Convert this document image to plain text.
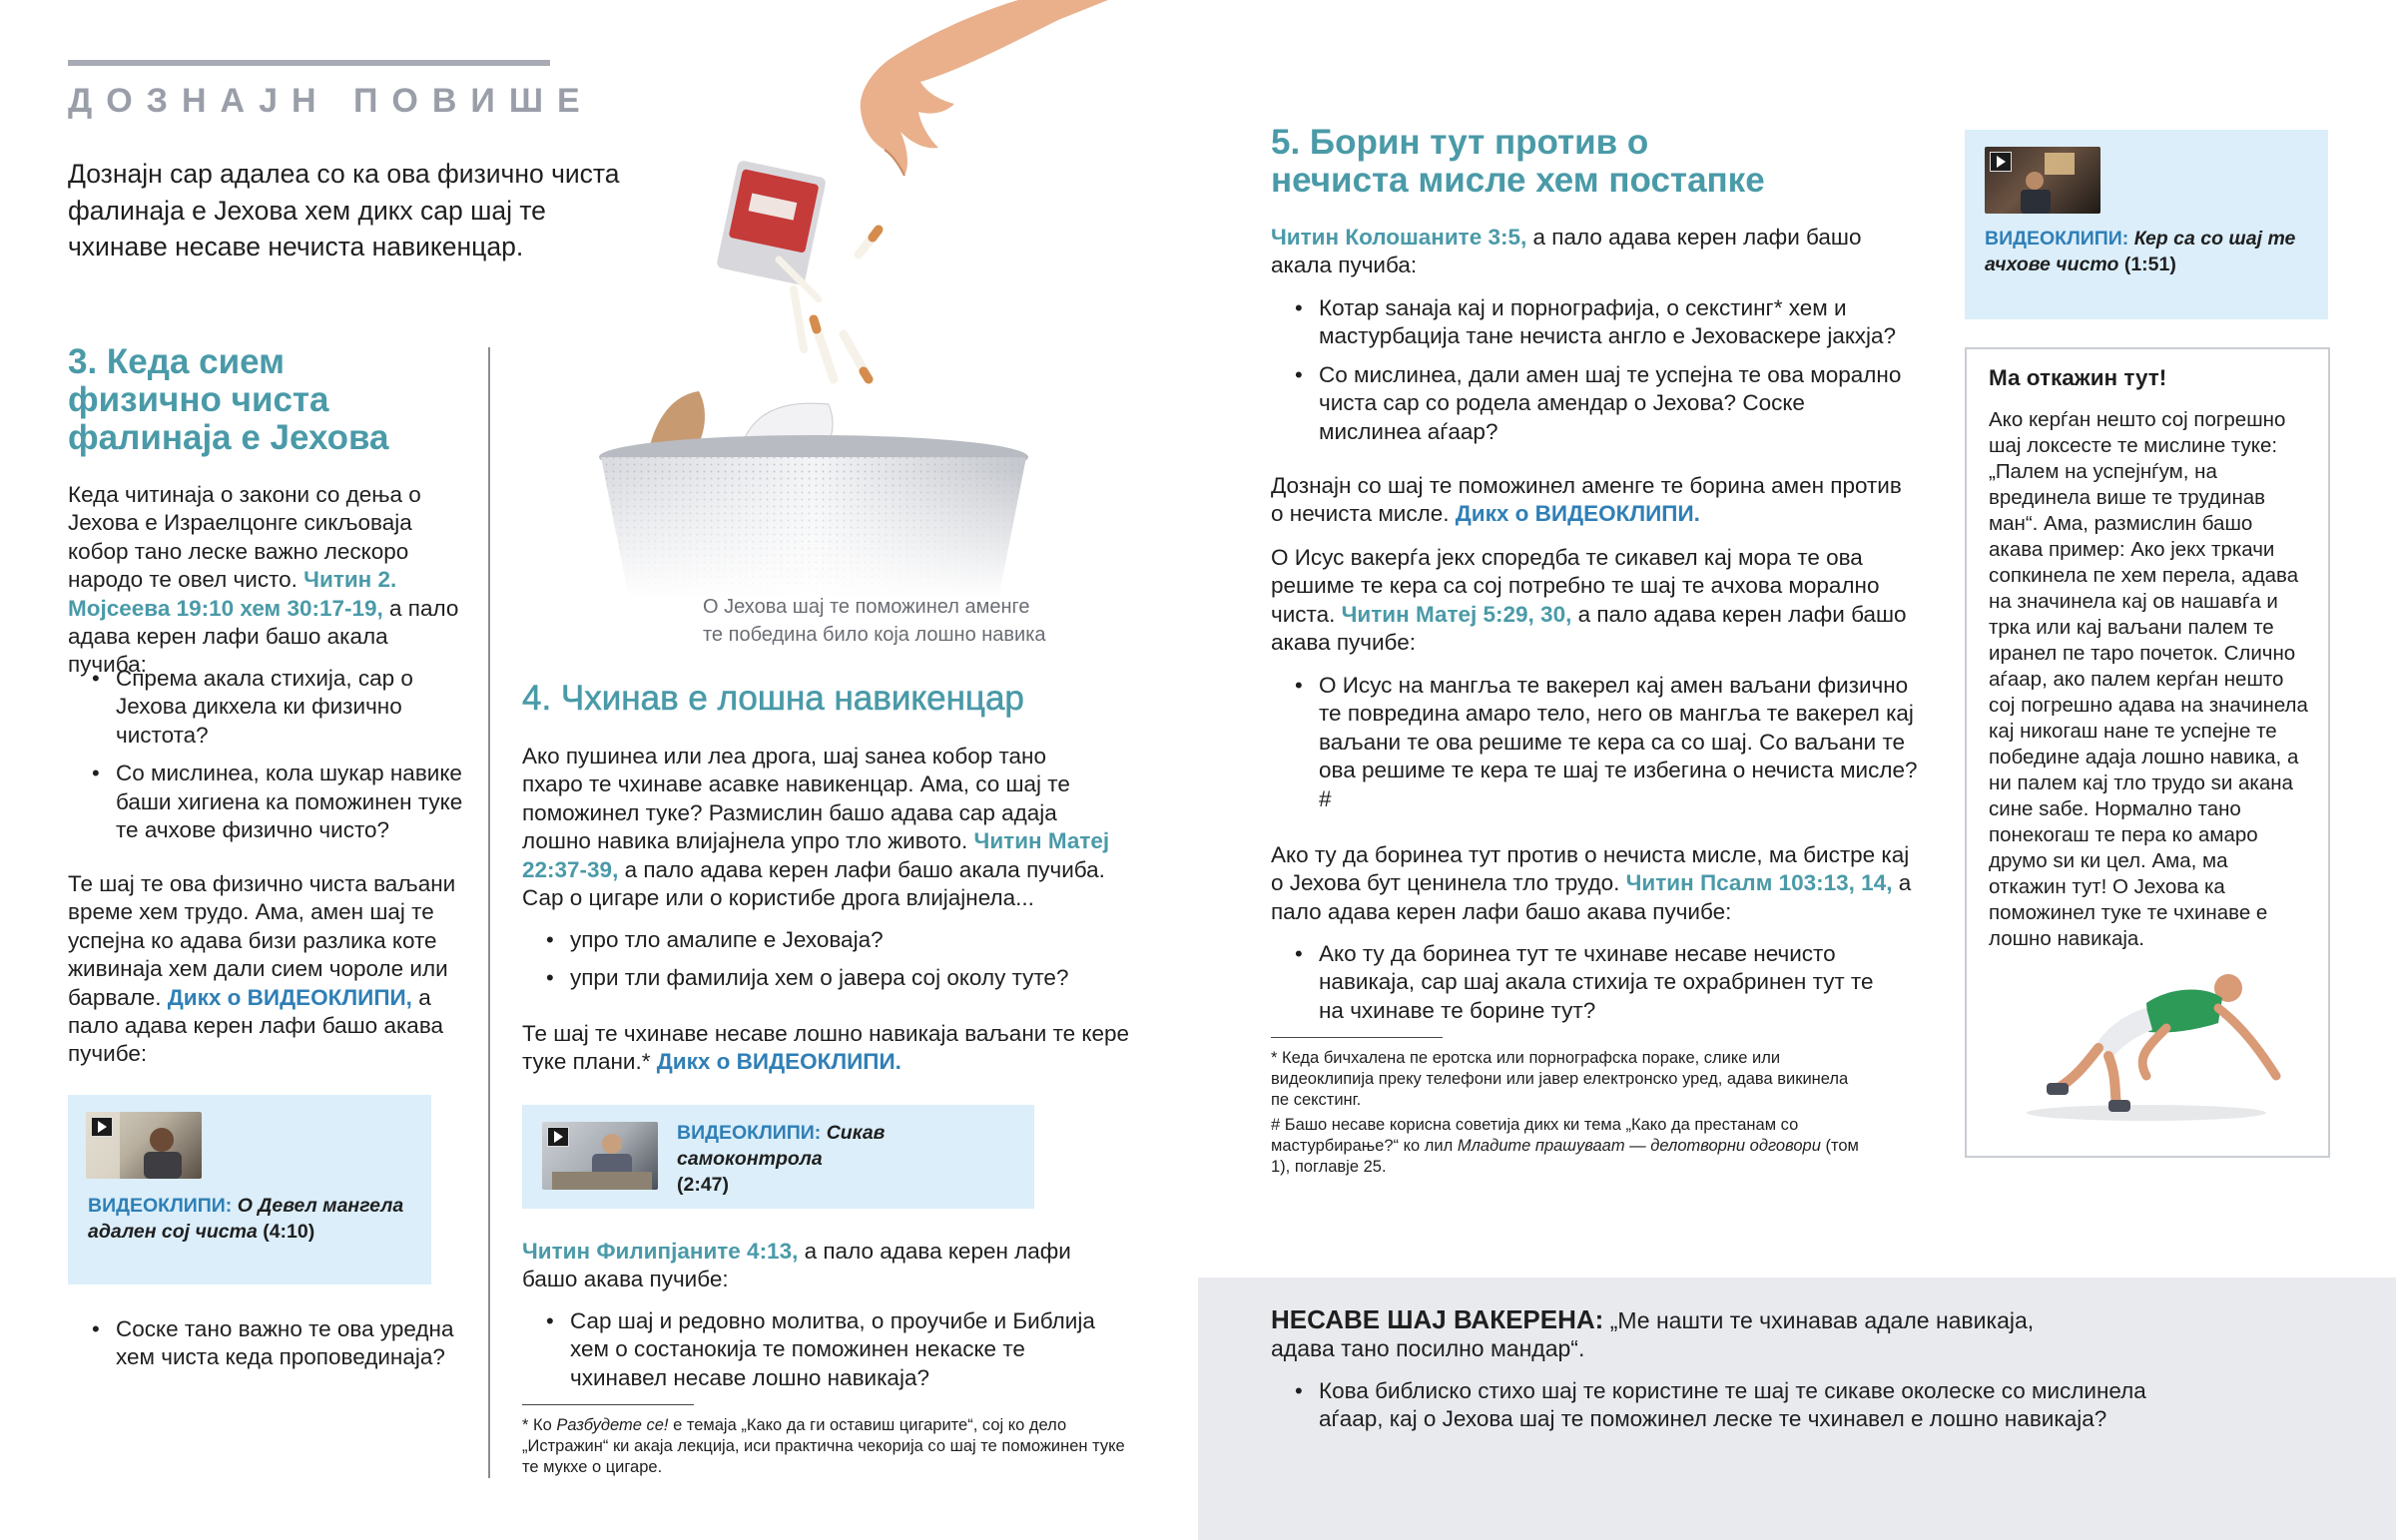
ДОЗНАЈН ПОВИШЕ

Дознајн сар адалеа со ка ова физично чиста фалинаја е Јехова хем дикх сар шај те чхинаве несаве нечиста навикенцар.

3. Кеда сием физично чиста фалинаја е Јехова

Кеда читинаја о закони со дења о Јехова е Израелцонге сикљоваја кобор тано леске важно лескоро народо те овел чисто. Читин 2. Мојсеева 19:10 хем 30:17-19, а пало адава керен лафи башо акала пучиба:

• Спрема акала стихија, сар о Јехова дикхела ки физично чистота?
• Со мислинеа, кола шукар навике баши хигиена ка поможинен туке те ачхове физично чисто?

Те шај те ова физично чиста ваљани време хем трудо. Ама, амен шај те успејна ко адава бизи разлика коте живинаја хем дали сием чороле или барвале. Дикх о ВИДЕОКЛИПИ, а пало адава керен лафи башо акава пучибе:

ВИДЕОКЛИПИ: О Девел мангела адален сој чиста (4:10)
• Соске тано важно те ова уредна хем чиста кеда проповединаја?
О Јехова шај те поможинел аменге те победина било која лошно навика
4. Чхинав е лошна навикенцар

Ако пушинеа или леа дрога, шај ѕанеа кобор тано пхаро те чхинаве асавке навикенцар. Ама, со шај те поможинел туке? Размислин башо адава сар адаја лошно навика влијајнела упро тло живото. Читин Матеј 22:37-39, а пало адава керен лафи башо акала пучиба. Сар о цигаре или о користибе дрога влијајнела...

• упро тло амалипе е Јеховаја?
• упри тли фамилија хем о јавера сој околу туте?

Те шај те чхинаве несаве лошно навикаја ваљани те кере туке плани.* Дикх о ВИДЕОКЛИПИ.

ВИДЕОКЛИПИ: Сикав самоконтрола
(2:47)

Читин Филипјаните 4:13, а пало адава керен лафи башо акава пучибе:

• Сар шај и редовно молитва, о проучибе и Библија хем о состанокија те поможинен некаске те чхинавел несаве лошно навикаја?

* Ко Разбудете се! е темаја „Како да ги оставиш цигарите“, сој ко дело „Истражин“ ки акаја лекција, иси практична чекорија со шај те поможинен туке те мукхе о цигаре.

5. Борин тут против о нечиста мисле хем постапке

Читин Колошаните 3:5, а пало адава керен лафи башо акала пучиба:

• Котар ѕанаја кај и порнографија, о секстинг* хем и мастурбација тане нечиста англо е Јеховаскере јакхја?
• Со мислинеа, дали амен шај те успејна те ова морално чиста сар со родела амендар о Јехова? Соске мислинеа аѓаар?

Дознајн со шај те поможинел аменге те борина амен против о нечиста мисле. Дикх о ВИДЕОКЛИПИ.

О Исус вакерѓа јекх споредба те сикавел кај мора те ова решиме те кера са сој потребно те шај те ачхова морално чиста. Читин Матеј 5:29, 30, а пало адава керен лафи башо акава пучибе:

• О Исус на мангља те вакерел кај амен ваљани физично те повредина амаро тело, него ов мангља те вакерел кај ваљани те ова решиме те кера са со шај. Со ваљани те ова решиме те кера те шај те избегина о нечиста мисле?#

Ако ту да боринеа тут против о нечиста мисле, ма бистре кај о Јехова бут ценинела тло трудо. Читин Псалм 103:13, 14, а пало адава керен лафи башо акава пучибе:

• Ако ту да боринеа тут те чхинаве несаве нечисто навикаја, сар шај акала стихија те охрабринен тут те на чхинаве те борине тут?

* Кеда бичхалена пе еротска или порнографска пораке, слике или видеоклипија преку телефони или јавер електронско уред, адава викинела пе секстинг.

# Башо несаве корисна советија дикх ки тема „Како да престанам со мастурбирање?“ ко лил Младите прашуваат — делотворни одговори (том 1), поглавје 25.

ВИДЕОКЛИПИ: Кер са со шај те ачхове чисто (1:51)
Ма откажин тут!

Ако керѓан нешто сој погрешно шај локсесте те мислине туке: „Палем на успејнѓум, на врединела више те трудинав ман“. Ама, размислин башо акава пример: Ако јекх тркачи сопкинела пе хем перела, адава на значинела кај ов нашавѓа и трка или кај ваљани палем те иранел пе таро почеток. Слично аѓаар, ако палем керѓан нешто сој погрешно адава на значинела кај никогаш нане те успејне те победине адаја лошно навика, а ни палем кај тло трудо ѕи акана сине ѕабе. Нормално тано понекогаш те пера ко амаро друмо ѕи ки цел. Ама, ма откажин тут! О Јехова ка поможинел туке те чхинаве е лошно навикаја.

НЕСАВЕ ШАЈ ВАКЕРЕНА: „Ме нашти те чхинавав адале навикаја, адава тано посилно мандар“.

• Кова библиско стихо шај те користине те шај те сикаве околеске со мислинела аѓаар, кај о Јехова шај те поможинел леске те чхинавел е лошно навикаја?
